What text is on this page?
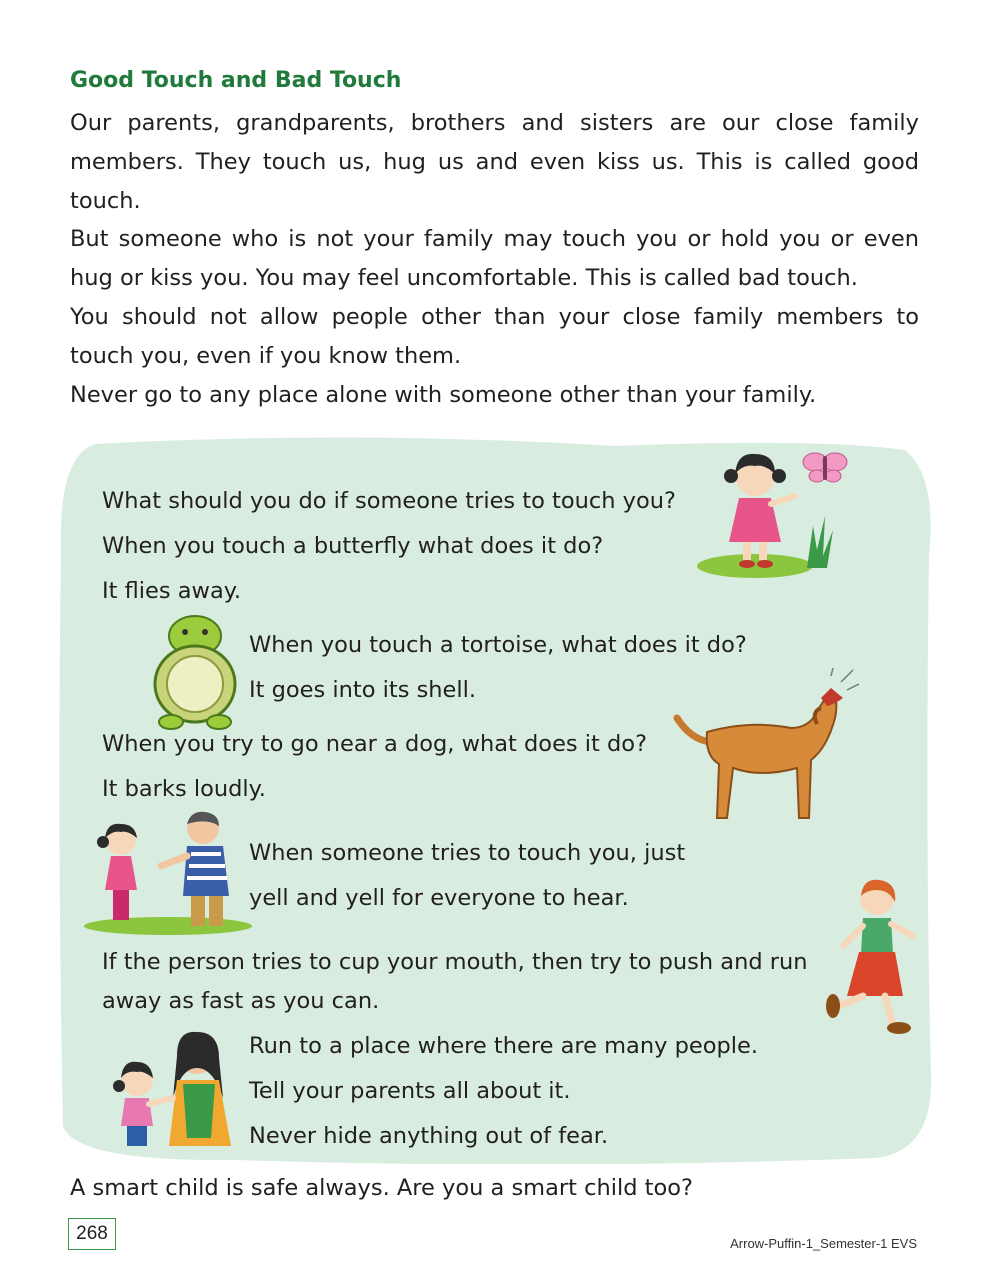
Good Touch and Bad Touch

Our parents, grandparents, brothers and sisters are our close family members. They touch us, hug us and even kiss us. This is called good touch.

But someone who is not your family may touch you or hold you or even hug or kiss you. You may feel uncomfortable. This is called bad touch.

You should not allow people other than your close family members to touch you, even if you know them.

Never go to any place alone with someone other than your family.

What should you do if someone tries to touch you?
When you touch a butterfly what does it do?
It flies away.
When you touch a tortoise, what does it do?
It goes into its shell.
When you try to go near a dog, what does it do?
It barks loudly.
When someone tries to touch you, just
yell and yell for everyone to hear.
If the person tries to cup your mouth, then try to push and run
away as fast as you can.
Run to a place where there are many people.
Tell your parents all about it.
Never hide anything out of fear.
A smart child is safe always. Are you a smart child too?
268	Arrow-Puffin-1_Semester-1 EVS
